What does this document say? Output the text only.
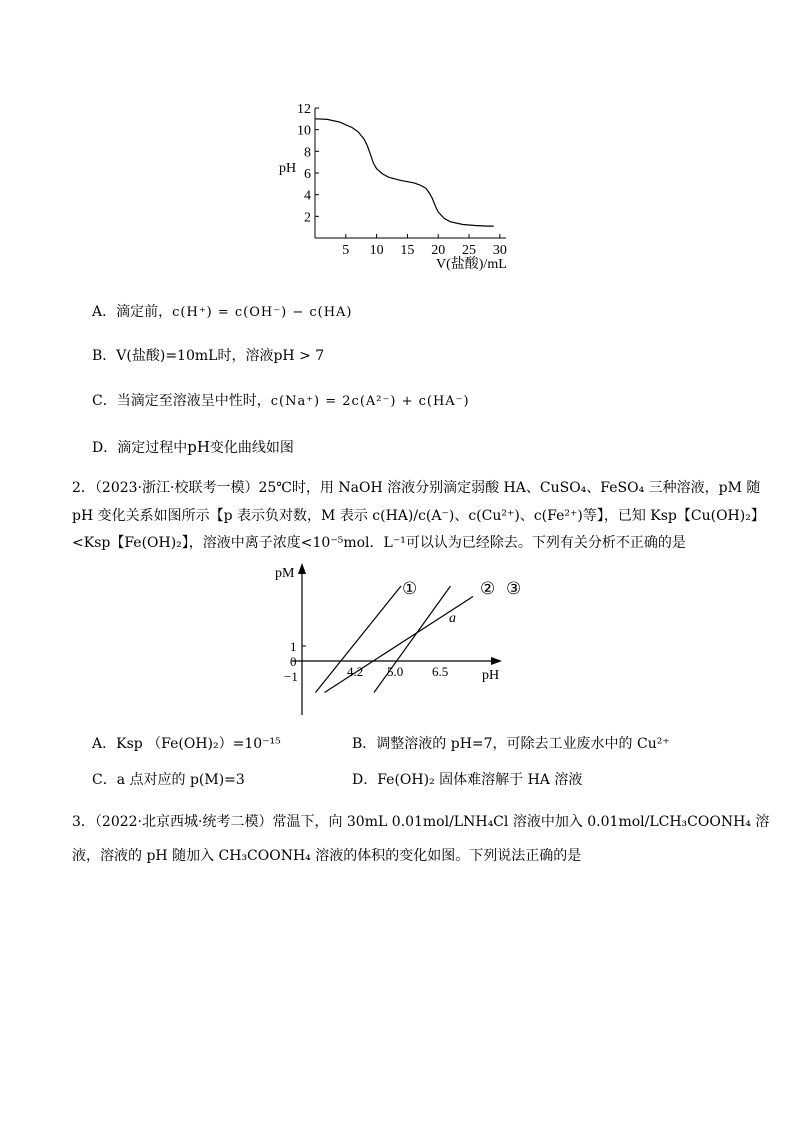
2
4
6
8
10
12
5 10 15 20 25 30
pH
V(盐酸)/mL
A．滴定前，c(H⁺) = c(OH⁻) − c(HA)
B．V(盐酸)=10mL时，溶液pH > 7
C．当滴定至溶液呈中性时，c(Na⁺) = 2c(A²⁻) + c(HA⁻)
D．滴定过程中pH变化曲线如图
2．（2023·浙江·校联考一模）25℃时，用 NaOH 溶液分别滴定弱酸 HA、CuSO₄、FeSO₄ 三种溶液，pM 随
pH 变化关系如图所示【p 表示负对数，M 表示 c(HA)/c(A⁻)、c(Cu²⁺)、c(Fe²⁺)等】，已知 Ksp【Cu(OH)₂】
<Ksp【Fe(OH)₂】，溶液中离子浓度<10⁻⁵mol．L⁻¹可以认为已经除去。下列有关分析不正确的是
pM
pH
1
0
−1	4.2 5.0 6.5
①	② ③
a
A．Ksp （Fe(OH)₂）=10⁻¹⁵	B．调整溶液的 pH=7，可除去工业废水中的 Cu²⁺
C．a 点对应的 p(M)=3	D．Fe(OH)₂ 固体难溶解于 HA 溶液
3．（2022·北京西城·统考二模）常温下，向 30mL 0.01mol/LNH₄Cl 溶液中加入 0.01mol/LCH₃COONH₄ 溶
液，溶液的 pH 随加入 CH₃COONH₄ 溶液的体积的变化如图。下列说法正确的是
